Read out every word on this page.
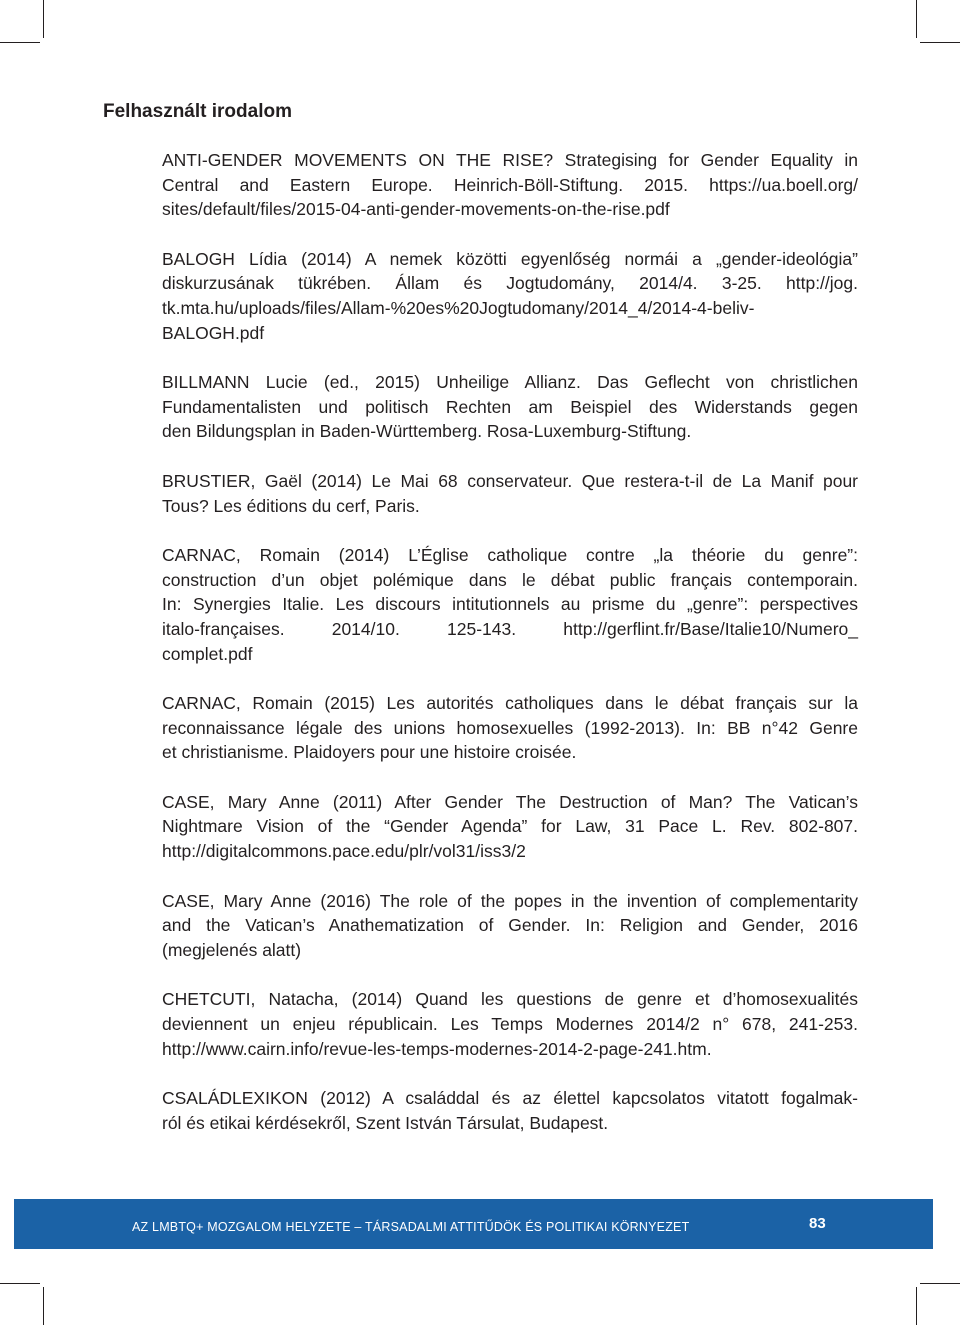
Felhasznált irodalom
ANTI-GENDER MOVEMENTS ON THE RISE? Strategising for Gender Equality in
Central and Eastern Europe. Heinrich-Böll-Stiftung. 2015. https://ua.boell.org/
sites/default/files/2015-04-anti-gender-movements-on-the-rise.pdf
BALOGH Lídia (2014) A nemek közötti egyenlőség normái a „gender-ideológia”
diskurzusának tükrében. Állam és Jogtudomány, 2014/4. 3-25. http://jog.
tk.mta.hu/uploads/files/Allam-%20es%20Jogtudomany/2014_4/2014-4-beliv-
BALOGH.pdf
BILLMANN Lucie (ed., 2015) Unheilige Allianz. Das Geflecht von christlichen
Fundamentalisten und politisch Rechten am Beispiel des Widerstands gegen
den Bildungsplan in Baden-Württemberg. Rosa-Luxemburg-Stiftung.
BRUSTIER, Gaël (2014) Le Mai 68 conservateur. Que restera-t-il de La Manif pour
Tous? Les éditions du cerf, Paris.
CARNAC, Romain (2014) L’Église catholique contre „la théorie du genre”:
construction d’un objet polémique dans le débat public français contemporain.
In: Synergies Italie. Les discours intitutionnels au prisme du „genre”: perspectives
italo-françaises. 2014/10. 125-143. http://gerflint.fr/Base/Italie10/Numero_
complet.pdf
CARNAC, Romain (2015) Les autorités catholiques dans le débat français sur la
reconnaissance légale des unions homosexuelles (1992-2013). In: BB n°42 Genre
et christianisme. Plaidoyers pour une histoire croisée.
CASE, Mary Anne (2011) After Gender The Destruction of Man? The Vatican’s
Nightmare Vision of the “Gender Agenda” for Law, 31 Pace L. Rev. 802-807.
http://digitalcommons.pace.edu/plr/vol31/iss3/2
CASE, Mary Anne (2016) The role of the popes in the invention of complementarity
and the Vatican’s Anathematization of Gender. In: Religion and Gender, 2016
(megjelenés alatt)
CHETCUTI, Natacha, (2014) Quand les questions de genre et d’homosexualités
deviennent un enjeu républicain. Les Temps Modernes 2014/2 n° 678, 241-253.
http://www.cairn.info/revue-les-temps-modernes-2014-2-page-241.htm.
CSALÁDLEXIKON (2012) A családdal és az élettel kapcsolatos vitatott fogalmak-
ról és etikai kérdésekről, Szent István Társulat, Budapest.
AZ LMBTQ+ MOZGALOM HELYZETE – TÁRSADALMI ATTITŰDÖK ÉS POLITIKAI KÖRNYEZET	83
